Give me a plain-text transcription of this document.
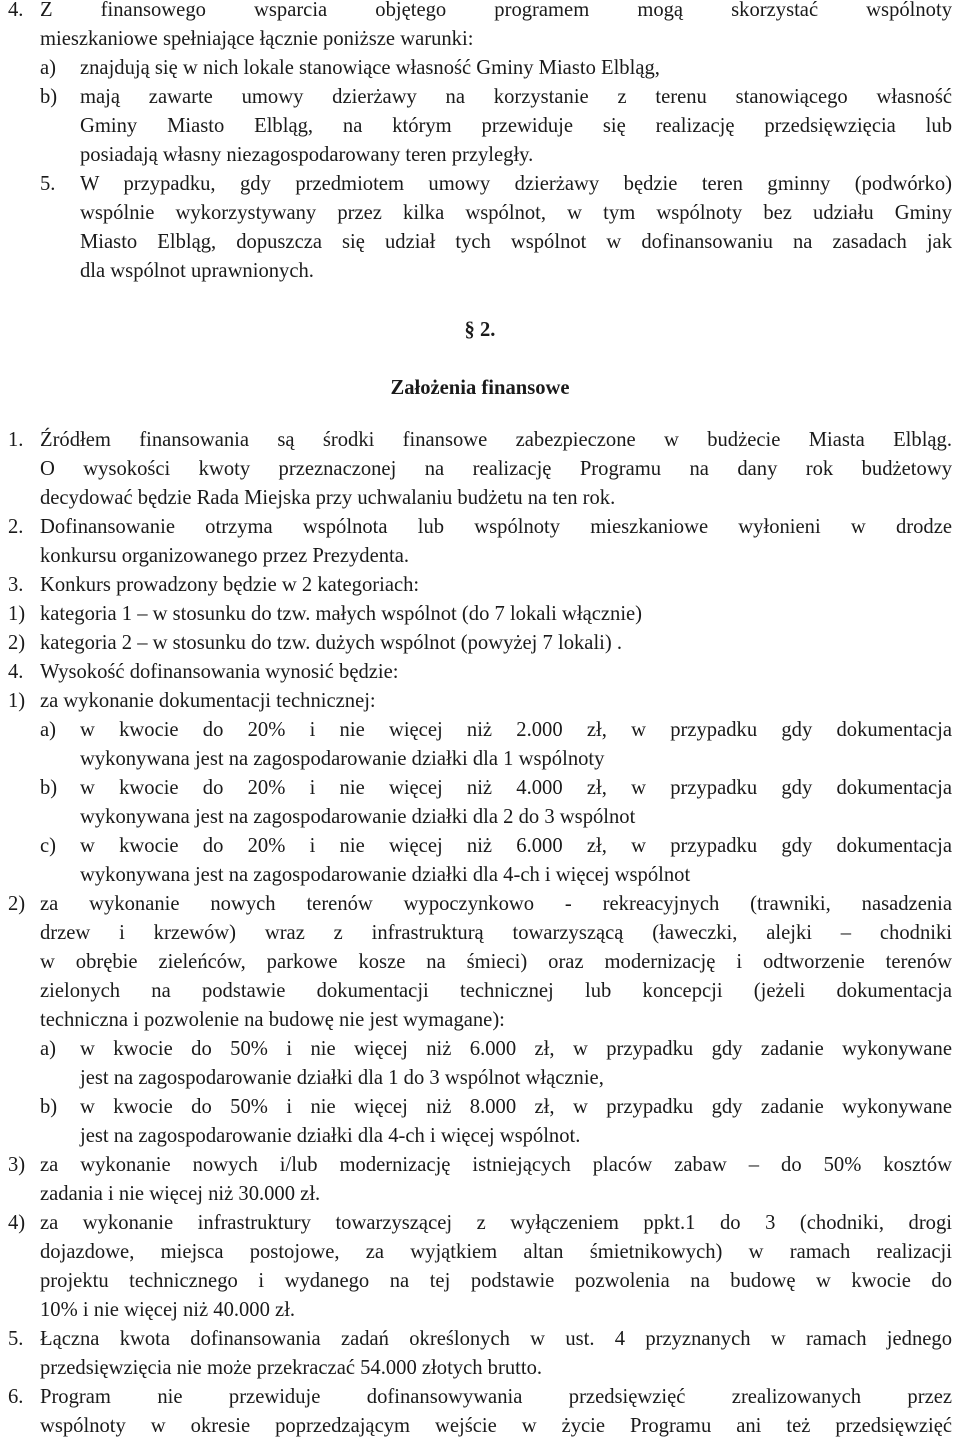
4. Z finansowego wsparcia objętego programem mogą skorzystać wspólnoty
mieszkaniowe spełniające łącznie poniższe warunki:
a) znajdują się w nich lokale stanowiące własność Gminy Miasto Elbląg,
b) mają zawarte umowy dzierżawy na korzystanie z terenu stanowiącego własność
Gminy Miasto Elbląg, na którym przewiduje się realizację przedsięwzięcia lub
posiadają własny niezagospodarowany teren przyległy.
5. W przypadku, gdy przedmiotem umowy dzierżawy będzie teren gminny (podwórko)
wspólnie wykorzystywany przez kilka wspólnot, w tym wspólnoty bez udziału Gminy
Miasto Elbląg, dopuszcza się udział tych wspólnot w dofinansowaniu na zasadach jak
dla wspólnot uprawnionych.
§ 2.
Założenia finansowe
1. Źródłem finansowania są środki finansowe zabezpieczone w budżecie Miasta Elbląg.
O wysokości kwoty przeznaczonej na realizację Programu na dany rok budżetowy
decydować będzie Rada Miejska przy uchwalaniu budżetu na ten rok.
2. Dofinansowanie otrzyma wspólnota lub wspólnoty mieszkaniowe wyłonieni w drodze
konkursu organizowanego przez Prezydenta.
3. Konkurs prowadzony będzie w 2 kategoriach:
1) kategoria 1 – w stosunku do tzw. małych wspólnot (do 7 lokali włącznie)
2) kategoria 2 – w stosunku do tzw. dużych wspólnot (powyżej 7 lokali) .
4. Wysokość dofinansowania wynosić będzie:
1) za wykonanie dokumentacji technicznej:
a) w kwocie do 20% i nie więcej niż 2.000 zł, w przypadku gdy dokumentacja
wykonywana jest na zagospodarowanie działki dla 1 wspólnoty
b) w kwocie do 20% i nie więcej niż 4.000 zł, w przypadku gdy dokumentacja
wykonywana jest na zagospodarowanie działki dla 2 do 3 wspólnot
c) w kwocie do 20% i nie więcej niż 6.000 zł, w przypadku gdy dokumentacja
wykonywana jest na zagospodarowanie działki dla 4-ch i więcej wspólnot
2) za wykonanie nowych terenów wypoczynkowo - rekreacyjnych (trawniki, nasadzenia
drzew i krzewów) wraz z infrastrukturą towarzyszącą (ławeczki, alejki – chodniki
w obrębie zieleńców, parkowe kosze na śmieci) oraz modernizację i odtworzenie terenów
zielonych na podstawie dokumentacji technicznej lub koncepcji (jeżeli dokumentacja
techniczna i pozwolenie na budowę nie jest wymagane):
a) w kwocie do 50% i nie więcej niż 6.000 zł, w przypadku gdy zadanie wykonywane
jest na zagospodarowanie działki dla 1 do 3 wspólnot włącznie,
b) w kwocie do 50% i nie więcej niż 8.000 zł, w przypadku gdy zadanie wykonywane
jest na zagospodarowanie działki dla 4-ch i więcej wspólnot.
3) za wykonanie nowych i/lub modernizację istniejących placów zabaw – do 50% kosztów
zadania i nie więcej niż 30.000 zł.
4) za wykonanie infrastruktury towarzyszącej z wyłączeniem ppkt.1 do 3 (chodniki, drogi
dojazdowe, miejsca postojowe, za wyjątkiem altan śmietnikowych) w ramach realizacji
projektu technicznego i wydanego na tej podstawie pozwolenia na budowę w kwocie do
10% i nie więcej niż 40.000 zł.
5. Łączna kwota dofinansowania zadań określonych w ust. 4 przyznanych w ramach jednego
przedsięwzięcia nie może przekraczać 54.000 złotych brutto.
6. Program nie przewiduje dofinansowywania przedsięwzięć zrealizowanych przez
wspólnoty w okresie poprzedzającym wejście w życie Programu ani też przedsięwzięć
